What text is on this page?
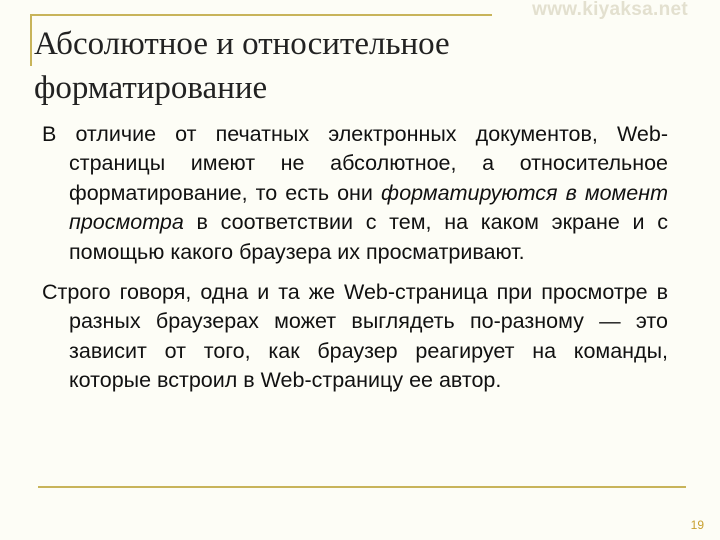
www.kiyaksa.net
Абсолютное и относительное форматирование

В отличие от печатных электронных документов, Web-страницы имеют не абсолютное, а относительное форматирование, то есть они форматируются в момент просмотра в соответствии с тем, на каком экране и с помощью какого браузера их просматривают.

Строго говоря, одна и та же Web-страница при просмотре в разных браузерах может выглядеть по-разному — это зависит от того, как браузер реагирует на команды, которые встроил в Web-страницу ее автор.

19
